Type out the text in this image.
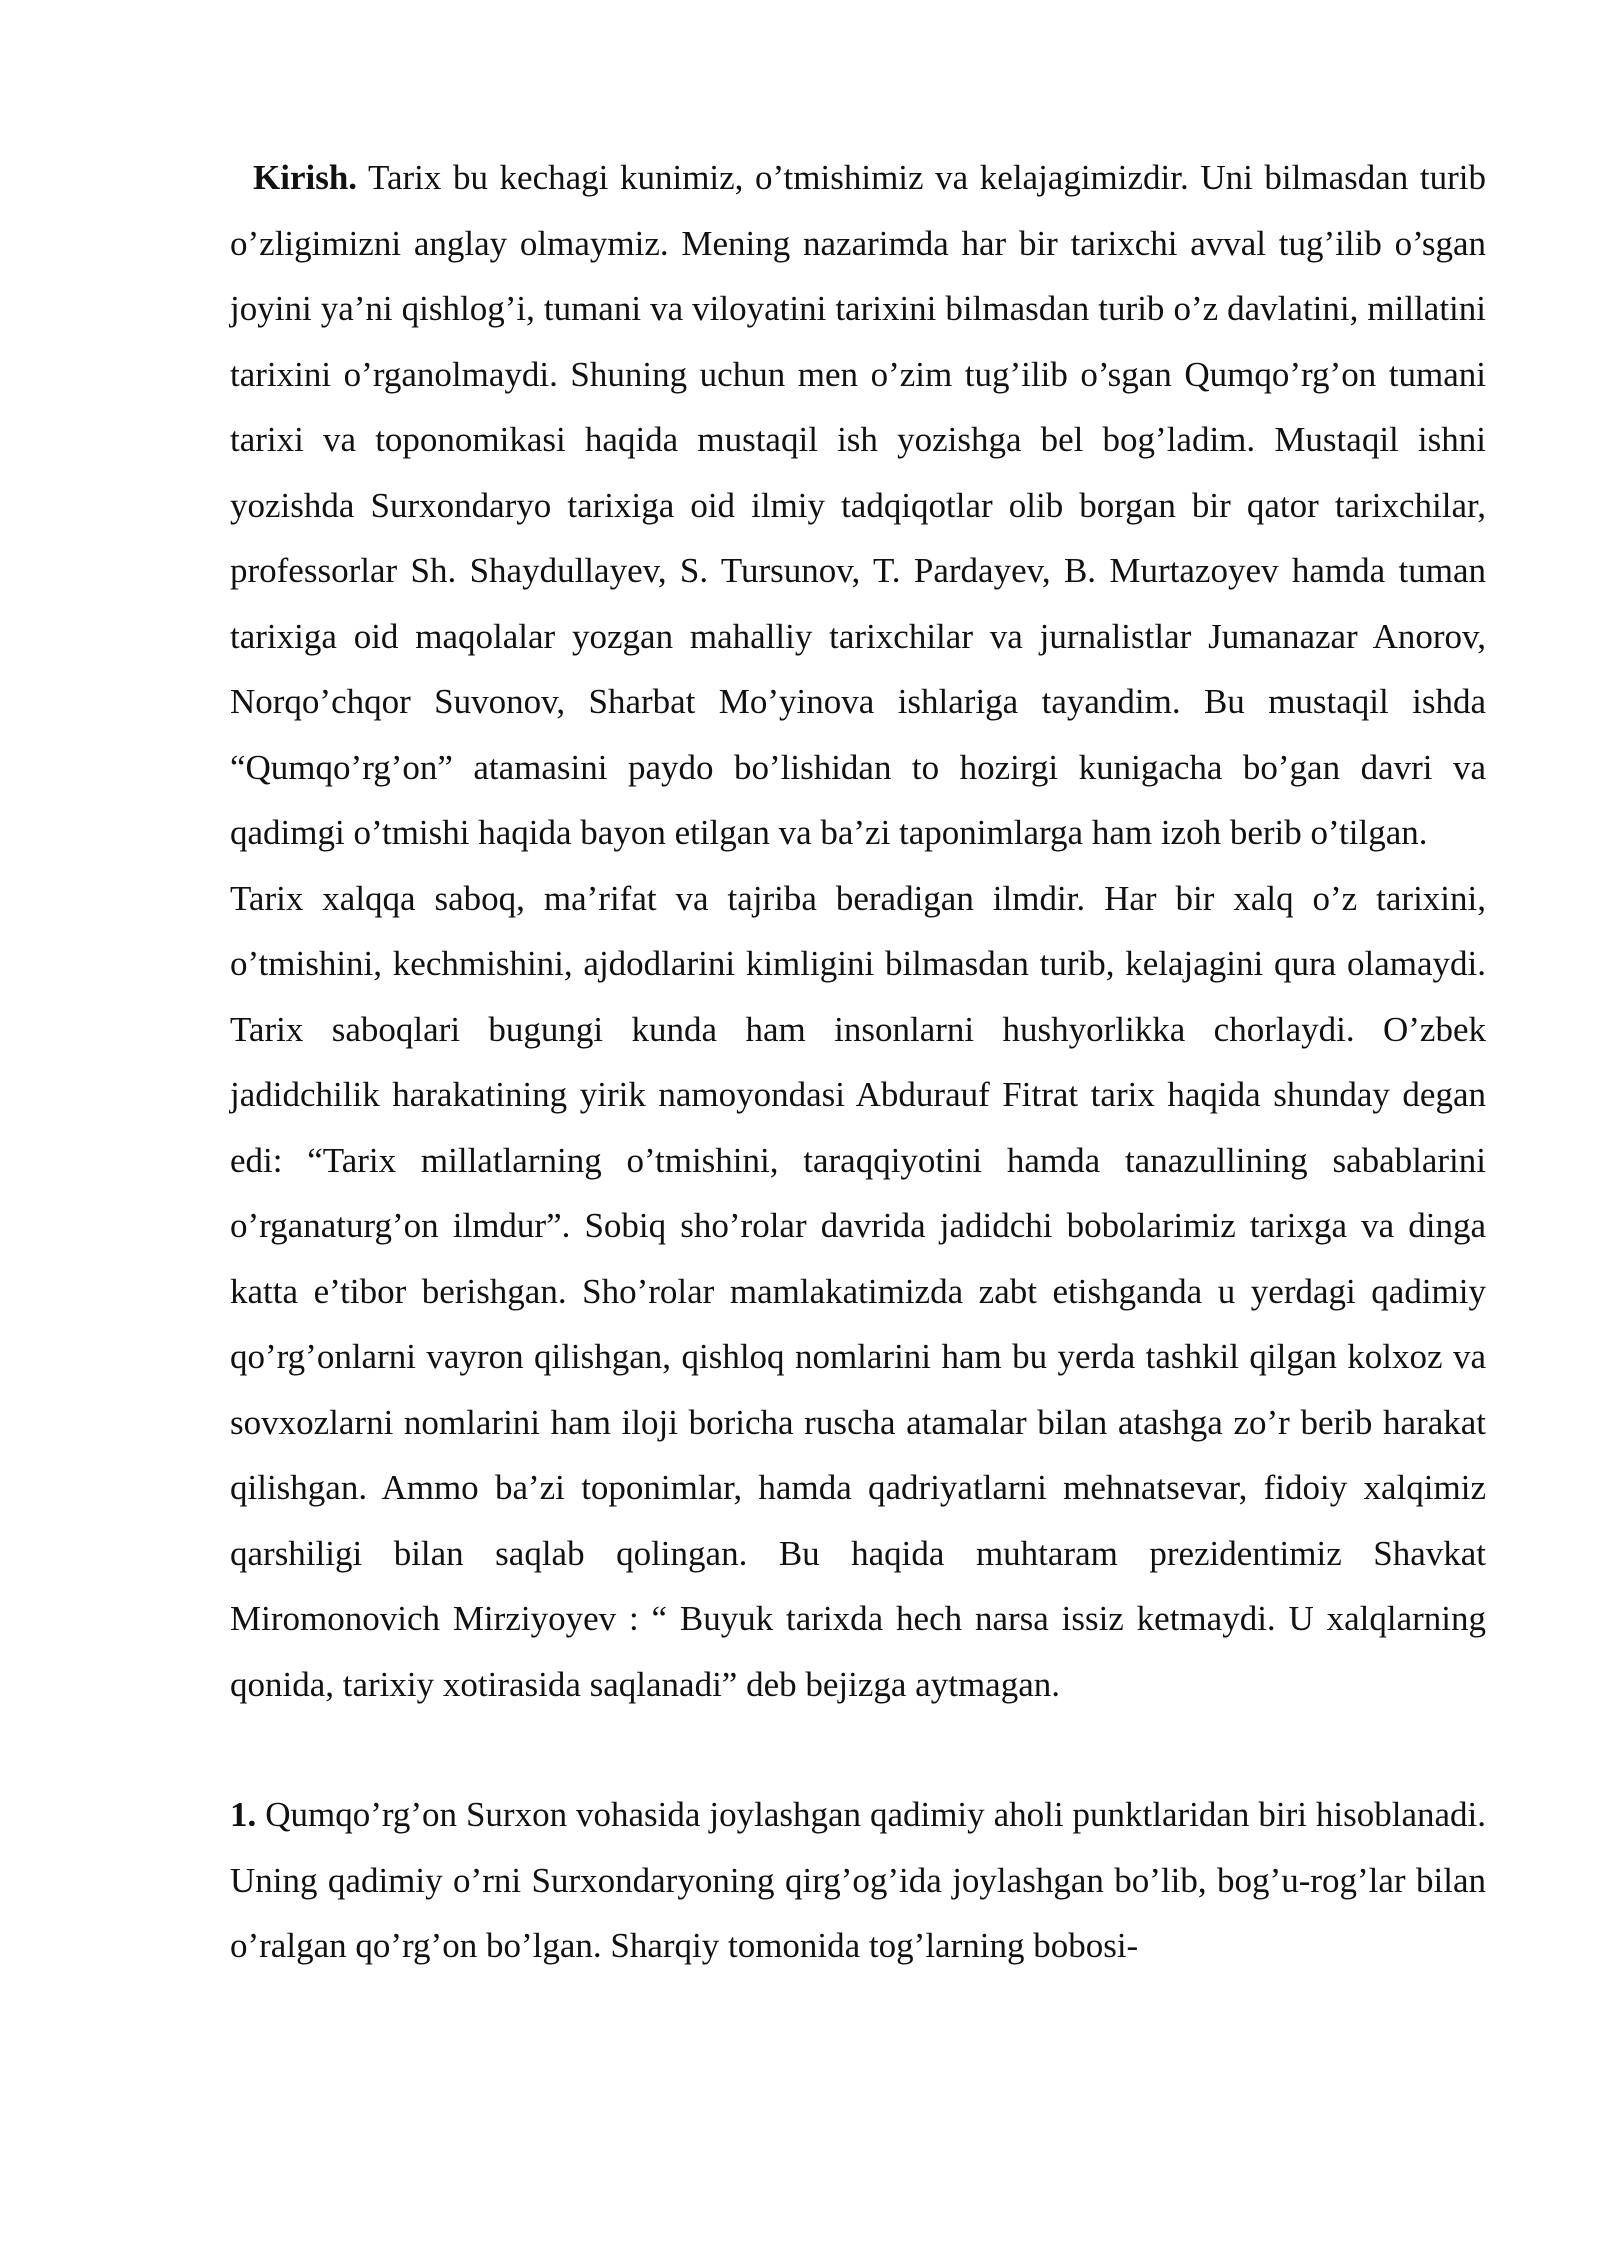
Kirish. Tarix bu kechagi kunimiz, o’tmishimiz va kelajagimizdir. Uni bilmasdan turib o’zligimizni anglay olmaymiz. Mening nazarimda har bir tarixchi avval tug’ilib o’sgan joyini ya’ni qishlog’i, tumani va viloyatini tarixini bilmasdan turib o’z davlatini, millatini tarixini o’rganolmaydi. Shuning uchun men o’zim tug’ilib o’sgan Qumqo’rg’on tumani tarixi va toponomikasi haqida mustaqil ish yozishga bel bog’ladim. Mustaqil ishni yozishda Surxondaryo tarixiga oid ilmiy tadqiqotlar olib borgan bir qator tarixchilar, professorlar Sh. Shaydullayev, S. Tursunov, T. Pardayev, B. Murtazoyev hamda tuman tarixiga oid maqolalar yozgan mahalliy tarixchilar va jurnalistlar Jumanazar Anorov, Norqo’chqor Suvonov, Sharbat Mo’yinova ishlariga tayandim. Bu mustaqil ishda “Qumqo’rg’on” atamasini paydo bo’lishidan to hozirgi kunigacha bo’gan davri va qadimgi o’tmishi haqida bayon etilgan va ba’zi taponimlarga ham izoh berib o’tilgan.

Tarix xalqqa saboq, ma’rifat va tajriba beradigan ilmdir. Har bir xalq o’z tarixini, o’tmishini, kechmishini, ajdodlarini kimligini bilmasdan turib, kelajagini qura olamaydi. Tarix saboqlari bugungi kunda ham insonlarni hushyorlikka chorlaydi. O’zbek jadidchilik harakatining yirik namoyondasi Abdurauf Fitrat tarix haqida shunday degan edi: “Tarix millatlarning o’tmishini, taraqqiyotini hamda tanazullining sabablarini o’rganaturg’on ilmdur”. Sobiq sho’rolar davrida jadidchi bobolarimiz tarixga va dinga katta e’tibor berishgan. Sho’rolar mamlakatimizda zabt etishganda u yerdagi qadimiy qo’rg’onlarni vayron qilishgan, qishloq nomlarini ham bu yerda tashkil qilgan kolxoz va sovxozlarni nomlarini ham iloji boricha ruscha atamalar bilan atashga zo’r berib harakat qilishgan. Ammo ba’zi toponimlar, hamda qadriyatlarni mehnatsevar, fidoiy xalqimiz qarshiligi bilan saqlab qolingan. Bu haqida muhtaram prezidentimiz Shavkat Miromonovich Mirziyoyev : “ Buyuk tarixda hech narsa issiz ketmaydi. U xalqlarning qonida, tarixiy xotirasida saqlanadi” deb bejizga aytmagan.

1. Qumqo’rg’on Surxon vohasida joylashgan qadimiy aholi punktlaridan biri hisoblanadi. Uning qadimiy o’rni Surxondaryoning qirg’og’ida joylashgan bo’lib, bog’u-rog’lar bilan o’ralgan qo’rg’on bo’lgan. Sharqiy tomonida tog’larning bobosi-
